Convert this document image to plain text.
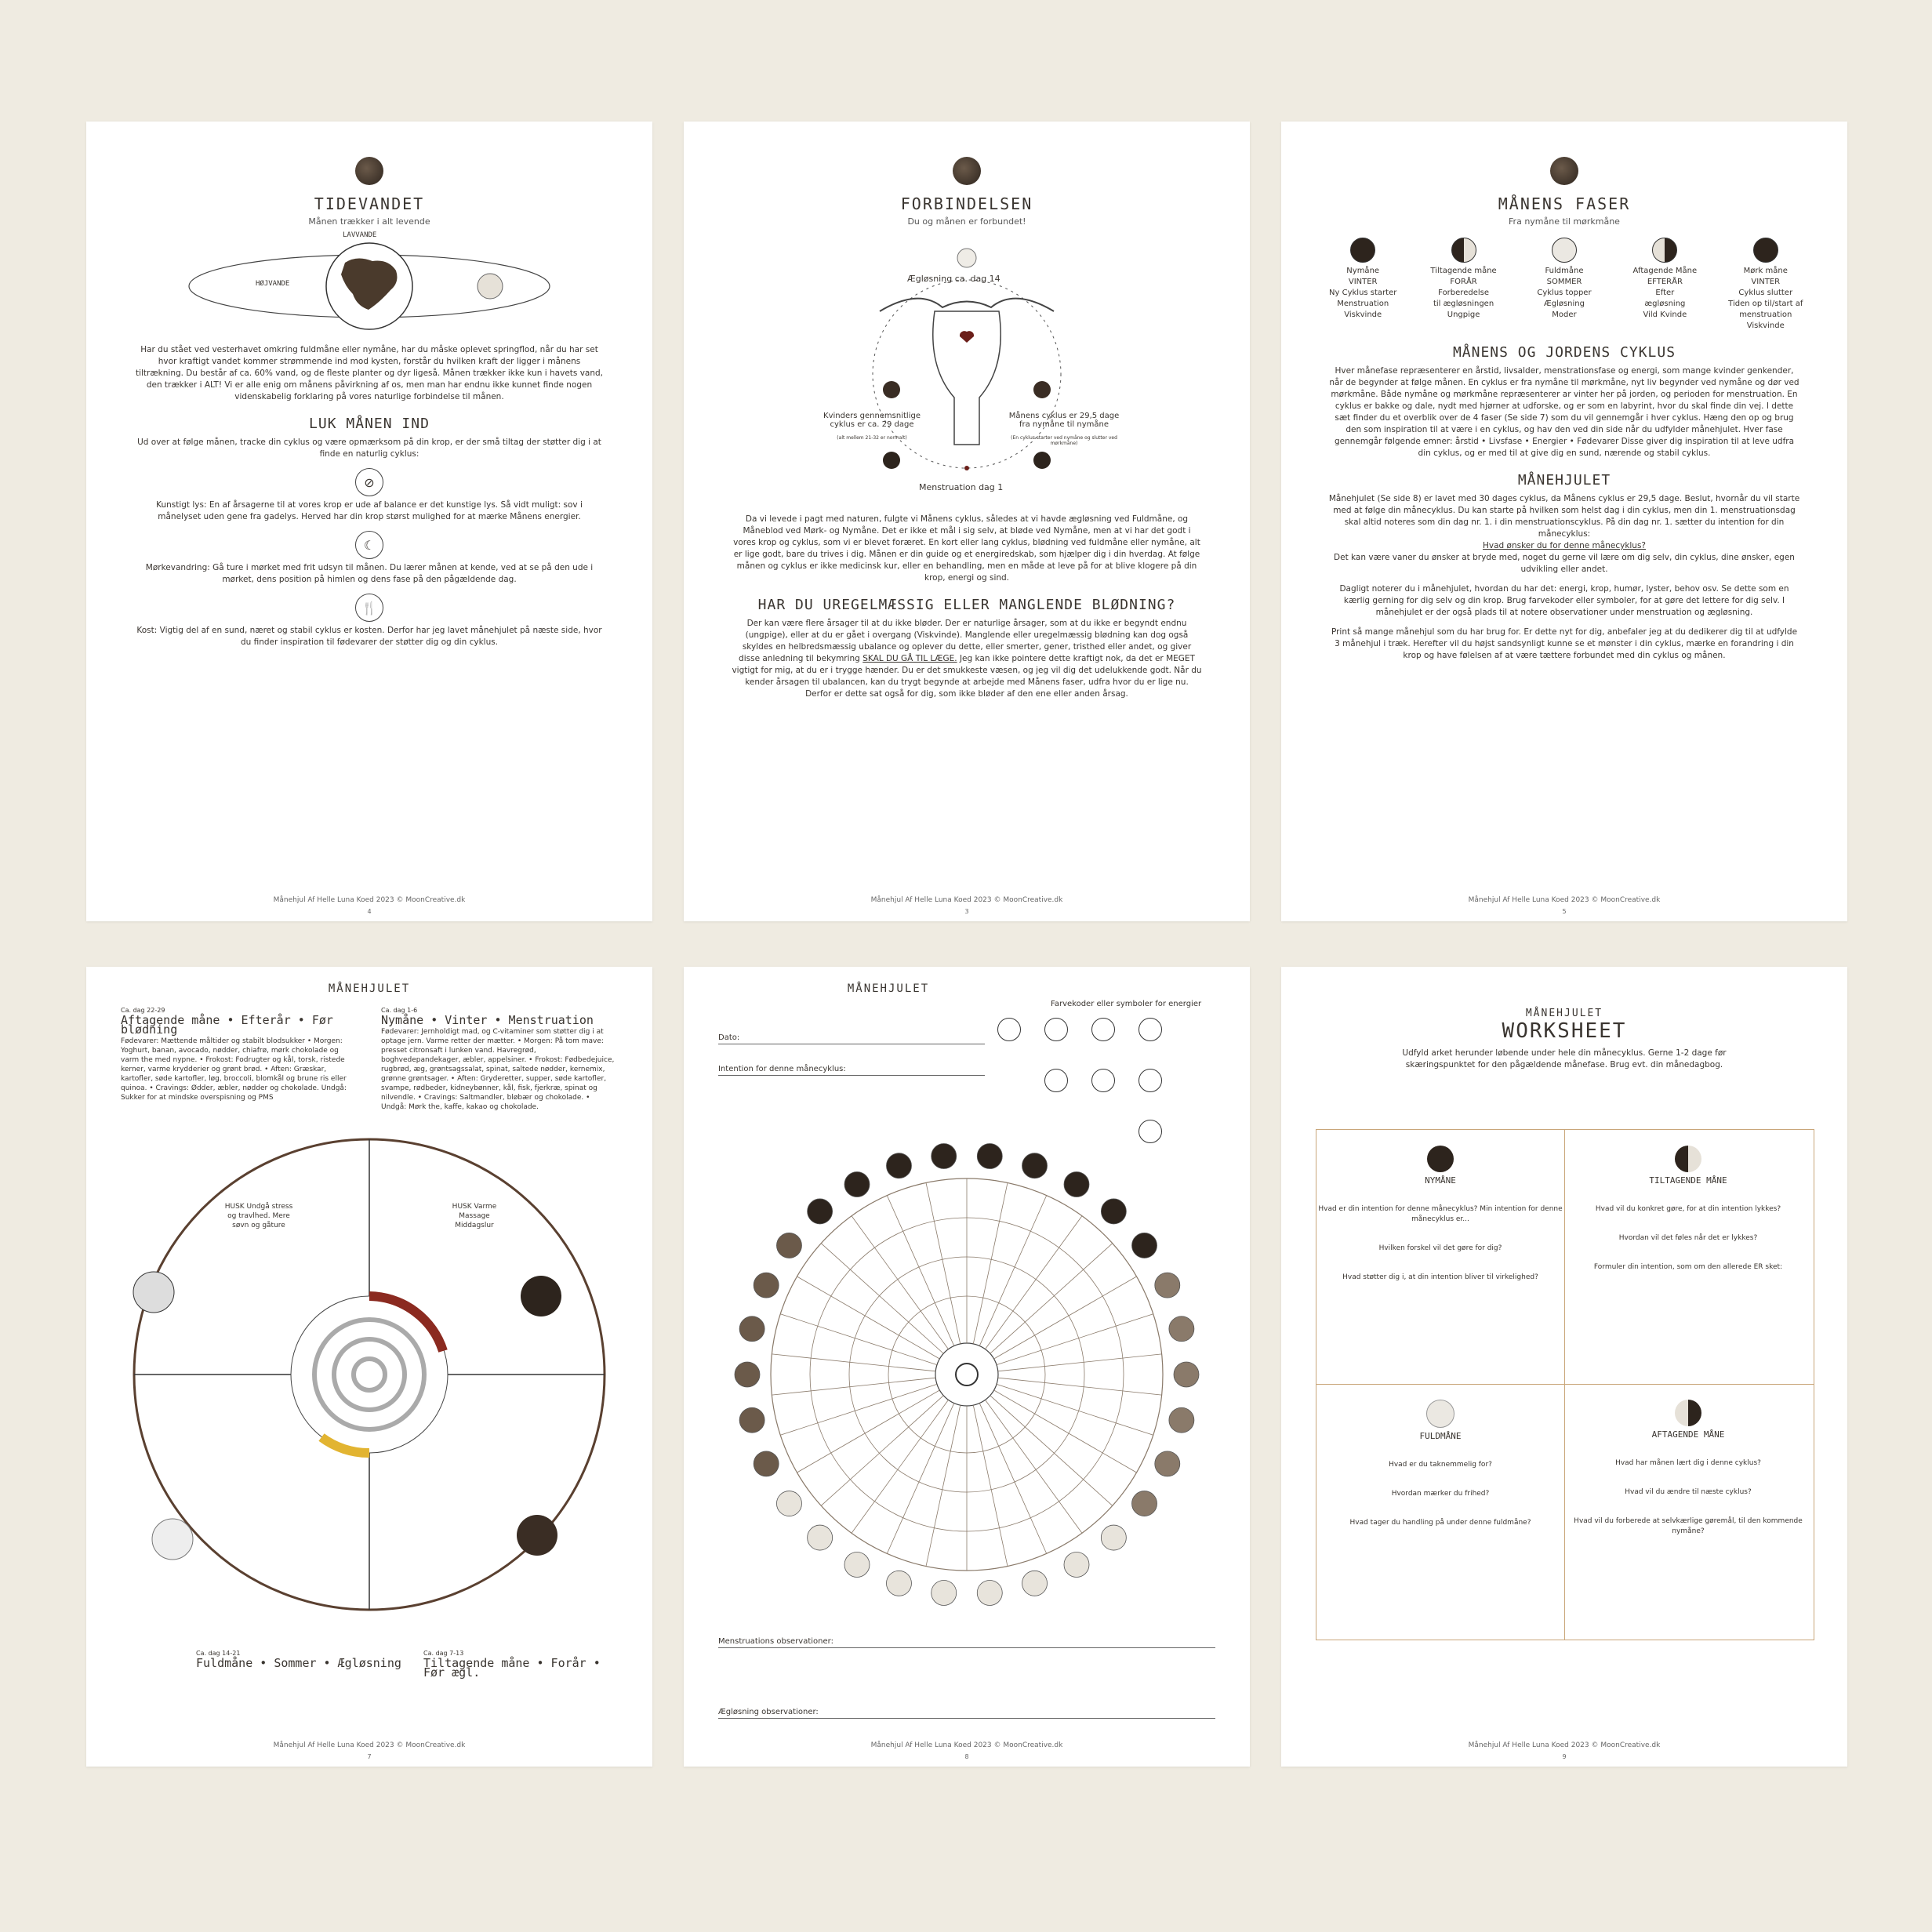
TIDEVANDET
Månen trækker i alt levende
LAVVANDE
HØJVANDE
Har du stået ved vesterhavet omkring fuldmåne eller nymåne, har du måske oplevet springflod, når du har set hvor kraftigt vandet kommer strømmende ind mod kysten, forstår du hvilken kraft der ligger i månens tiltrækning. Du består af ca. 60% vand, og de fleste planter og dyr ligeså. Månen trækker ikke kun i havets vand, den trækker i ALT! Vi er alle enig om månens påvirkning af os, men man har endnu ikke kunnet finde nogen videnskabelig forklaring på vores naturlige forbindelse til månen.
LUK MÅNEN IND
Ud over at følge månen, tracke din cyklus og være opmærksom på din krop, er der små tiltag der støtter dig i at finde en naturlig cyklus:
⊘
Kunstigt lys: En af årsagerne til at vores krop er ude af balance er det kunstige lys. Så vidt muligt: sov i månelyset uden gene fra gadelys. Herved har din krop størst mulighed for at mærke Månens energier.
☾
Mørkevandring: Gå ture i mørket med frit udsyn til månen. Du lærer månen at kende, ved at se på den ude i mørket, dens position på himlen og dens fase på den pågældende dag.
🍴
Kost: Vigtig del af en sund, næret og stabil cyklus er kosten. Derfor har jeg lavet månehjulet på næste side, hvor du finder inspiration til fødevarer der støtter dig og din cyklus.
Månehjul Af Helle Luna Koed 2023 © MoonCreative.dk
4
FORBINDELSEN
Du og månen er forbundet!
Ægløsning ca. dag 14
Kvinders gennemsnitlige cyklus er ca. 29 dage
(alt mellem 21-32 er normalt)
Månens cyklus er 29,5 dage fra nymåne til nymåne
(En cyklus starter ved nymåne og slutter ved mørkmåne)
Menstruation dag 1
Da vi levede i pagt med naturen, fulgte vi Månens cyklus, således at vi havde ægløsning ved Fuldmåne, og Måneblod ved Mørk- og Nymåne. Det er ikke et mål i sig selv, at bløde ved Nymåne, men at vi har det godt i vores krop og cyklus, som vi er blevet foræret. En kort eller lang cyklus, blødning ved fuldmåne eller nymåne, alt er lige godt, bare du trives i dig. Månen er din guide og et energiredskab, som hjælper dig i din hverdag. At følge månen og cyklus er ikke medicinsk kur, eller en behandling, men en måde at leve på for at blive klogere på din krop, energi og sind.
HAR DU UREGELMÆSSIG ELLER MANGLENDE BLØDNING?
Der kan være flere årsager til at du ikke bløder. Der er naturlige årsager, som at du ikke er begyndt endnu (ungpige), eller at du er gået i overgang (Viskvinde). Manglende eller uregelmæssig blødning kan dog også skyldes en helbredsmæssig ubalance og oplever du dette, eller smerter, gener, tristhed eller andet, og giver disse anledning til bekymring SKAL DU GÅ TIL LÆGE. Jeg kan ikke pointere dette kraftigt nok, da det er MEGET vigtigt for mig, at du er i trygge hænder. Du er det smukkeste væsen, og jeg vil dig det udelukkende godt. Når du kender årsagen til ubalancen, kan du trygt begynde at arbejde med Månens faser, udfra hvor du er lige nu. Derfor er dette sat også for dig, som ikke bløder af den ene eller anden årsag.
Månehjul Af Helle Luna Koed 2023 © MoonCreative.dk
3
MÅNENS FASER
Fra nymåne til mørkmåne
Nymåne
VINTER
Ny Cyklus starter
Menstruation
Viskvinde
Tiltagende måne
FORÅR
Forberedelse
til ægløsningen
Ungpige
Fuldmåne
SOMMER
Cyklus topper
Ægløsning
Moder
Aftagende Måne
EFTERÅR
Efter
ægløsning
Vild Kvinde
Mørk måne
VINTER
Cyklus slutter
Tiden op til/start af menstruation
Viskvinde
MÅNENS OG JORDENS CYKLUS
Hver månefase repræsenterer en årstid, livsalder, menstrationsfase og energi, som mange kvinder genkender, når de begynder at følge månen. En cyklus er fra nymåne til mørkmåne, nyt liv begynder ved nymåne og dør ved mørkmåne. Både nymåne og mørkmåne repræsenterer ar vinter her på jorden, og perioden for menstruation. En cyklus er bakke og dale, nydt med hjørner at udforske, og er som en labyrint, hvor du skal finde din vej. I dette sæt finder du et overblik over de 4 faser (Se side 7) som du vil gennemgår i hver cyklus. Hæng den op og brug den som inspiration til at være i en cyklus, og hav den ved din side når du udfylder månehjulet. Hver fase gennemgår følgende emner: årstid • Livsfase • Energier • Fødevarer Disse giver dig inspiration til at leve udfra din cyklus, og er med til at give dig en sund, nærende og stabil cyklus.
MÅNEHJULET
Månehjulet (Se side 8) er lavet med 30 dages cyklus, da Månens cyklus er 29,5 dage. Beslut, hvornår du vil starte med at følge din månecyklus. Du kan starte på hvilken som helst dag i din cyklus, men din 1. menstruationsdag skal altid noteres som din dag nr. 1. i din menstruationscyklus. På din dag nr. 1. sætter du intention for din månecyklus:
Hvad ønsker du for denne månecyklus?
Det kan være vaner du ønsker at bryde med, noget du gerne vil lære om dig selv, din cyklus, dine ønsker, egen udvikling eller andet.
Dagligt noterer du i månehjulet, hvordan du har det: energi, krop, humør, lyster, behov osv. Se dette som en kærlig gerning for dig selv og din krop. Brug farvekoder eller symboler, for at gøre det lettere for dig selv. I månehjulet er der også plads til at notere observationer under menstruation og ægløsning.
Print så mange månehjul som du har brug for. Er dette nyt for dig, anbefaler jeg at du dedikerer dig til at udfylde 3 månehjul i træk. Herefter vil du højst sandsynligt kunne se et mønster i din cyklus, mærke en forandring i din krop og have følelsen af at være tættere forbundet med din cyklus og månen.
Månehjul Af Helle Luna Koed 2023 © MoonCreative.dk
5
MÅNEHJULET
Ca. dag 22-29
Aftagende måne • Efterår • Før blødning
Fødevarer: Mættende måltider og stabilt blodsukker • Morgen: Yoghurt, banan, avocado, nødder, chiafrø, mørk chokolade og varm the med nypne. • Frokost: Fodrugter og kål, torsk, ristede kerner, varme krydderier og grønt brød. • Aften: Græskar, kartofler, søde kartofler, løg, broccoli, blomkål og brune ris eller quinoa. • Cravings: Ødder, æbler, nødder og chokolade. Undgå: Sukker for at mindske overspisning og PMS
Ca. dag 1-6
Nymåne • Vinter • Menstruation
Fødevarer: Jernholdigt mad, og C-vitaminer som støtter dig i at optage jern. Varme retter der mætter. • Morgen: På tom mave: presset citronsaft i lunken vand. Havregrød, boghvedepandekager, æbler, appelsiner. • Frokost: Fødbedejuice, rugbrød, æg, grøntsagssalat, spinat, saltede nødder, kernemix, grønne grøntsager. • Aften: Gryderetter, supper, søde kartofler, svampe, rødbeder, kidneybønner, kål, fisk, fjerkræ, spinat og nilvendle. • Cravings: Saltmandler, bløbær og chokolade. • Undgå: Mørk the, kaffe, kakao og chokolade.
HUSK Undgå stress og travlhed. Mere søvn og gåture
HUSK Varme Massage Middagslur
Ca. dag 14-21
Fuldmåne • Sommer • Ægløsning
Ca. dag 7-13
Tiltagende måne • Forår • Før ægl.
Månehjul Af Helle Luna Koed 2023 © MoonCreative.dk
7
MÅNEHJULET
Farvekoder eller symboler for energier
Dato:
Intention for denne månecyklus:
Menstruations observationer:
Ægløsning observationer:
Månehjul Af Helle Luna Koed 2023 © MoonCreative.dk
8
MÅNEHJULET
WORKSHEET
Udfyld arket herunder løbende under hele din månecyklus. Gerne 1-2 dage før skæringspunktet for den pågældende månefase. Brug evt. din månedagbog.
NYMÅNE
Hvad er din intention for denne månecyklus? Min intention for denne månecyklus er...
Hvilken forskel vil det gøre for dig?
Hvad støtter dig i, at din intention bliver til virkelighed?
TILTAGENDE MÅNE
Hvad vil du konkret gøre, for at din intention lykkes?
Hvordan vil det føles når det er lykkes?
Formuler din intention, som om den allerede ER sket:
FULDMÅNE
Hvad er du taknemmelig for?
Hvordan mærker du frihed?
Hvad tager du handling på under denne fuldmåne?
AFTAGENDE MÅNE
Hvad har månen lært dig i denne cyklus?
Hvad vil du ændre til næste cyklus?
Hvad vil du forberede at selvkærlige gøremål, til den kommende nymåne?
Månehjul Af Helle Luna Koed 2023 © MoonCreative.dk
9
